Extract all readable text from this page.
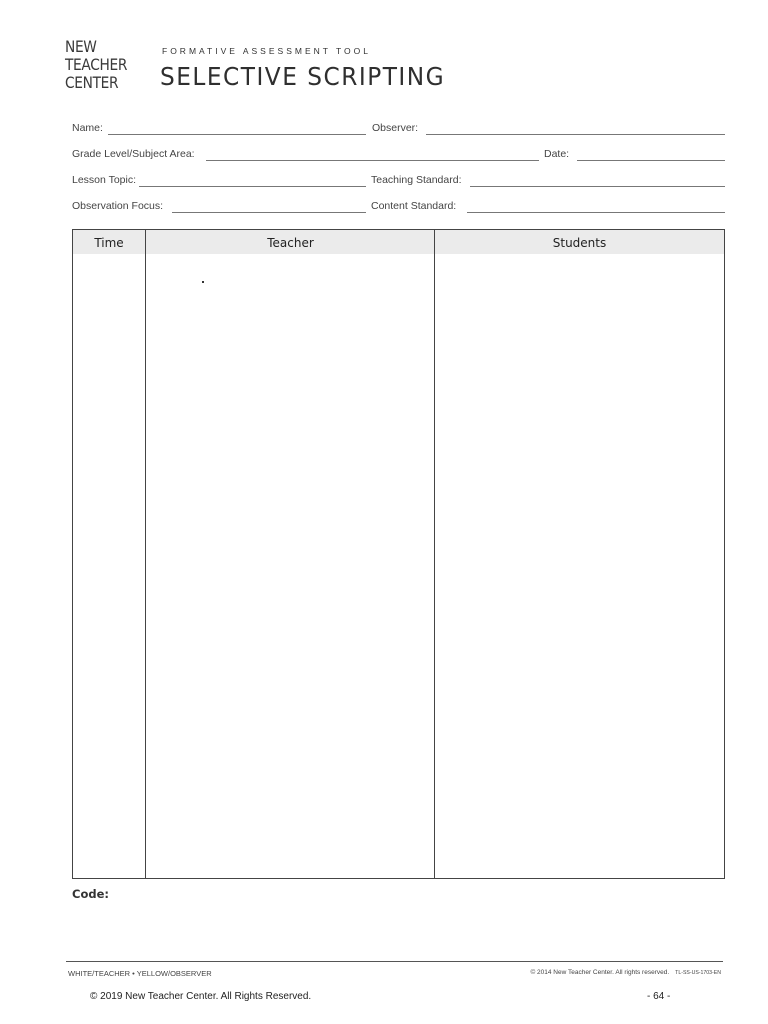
NEW
TEACHER
CENTER
FORMATIVE ASSESSMENT TOOL
SELECTIVE SCRIPTING
Name:	Observer:
Grade Level/Subject Area:	Date:
Lesson Topic:	Teaching Standard:
Observation Focus:	Content Standard:
Time	Teacher	Students
Code:
WHITE/TEACHER • YELLOW/OBSERVER	© 2014 New Teacher Center. All rights reserved. TL-SS-US-1703-EN
© 2019 New Teacher Center. All Rights Reserved.	- 64 -
